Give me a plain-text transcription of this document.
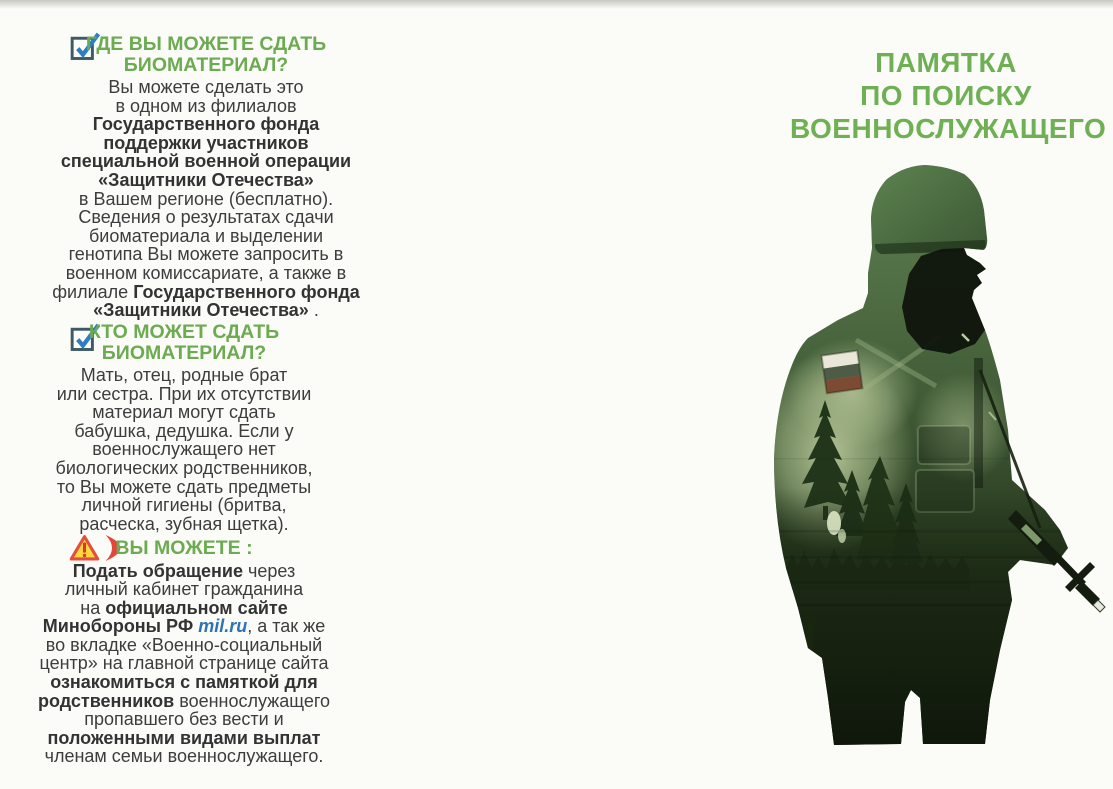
ГДЕ ВЫ МОЖЕТЕ СДАТЬ
БИОМАТЕРИАЛ?
Вы можете сделать это
в одном из филиалов
Государственного фонда
поддержки участников
специальной военной операции
«Защитники Отечества»
в Вашем регионе (бесплатно).
Сведения о результатах сдачи
биоматериала и выделении
генотипа Вы можете запросить в
военном комиссариате, а также в
филиале Государственного фонда
«Защитники Отечества» .
КТО МОЖЕТ СДАТЬ
БИОМАТЕРИАЛ?
Мать, отец, родные брат
или сестра. При их отсутствии
материал могут сдать
бабушка, дедушка. Если у
военнослужащего нет
биологических родственников,
то Вы можете сдать предметы
личной гигиены (бритва,
расческа, зубная щетка).
ВЫ МОЖЕТЕ :
Подать обращение через
личный кабинет гражданина
на официальном сайте
Минобороны РФ mil.ru, а так же
во вкладке «Военно-социальный
центр» на главной странице сайта
ознакомиться с памяткой для
родственников военнослужащего
пропавшего без вести и
положенными видами выплат
членам семьи военнослужащего.
ПАМЯТКА
ПО ПОИСКУ
ВОЕННОСЛУЖАЩЕГО
